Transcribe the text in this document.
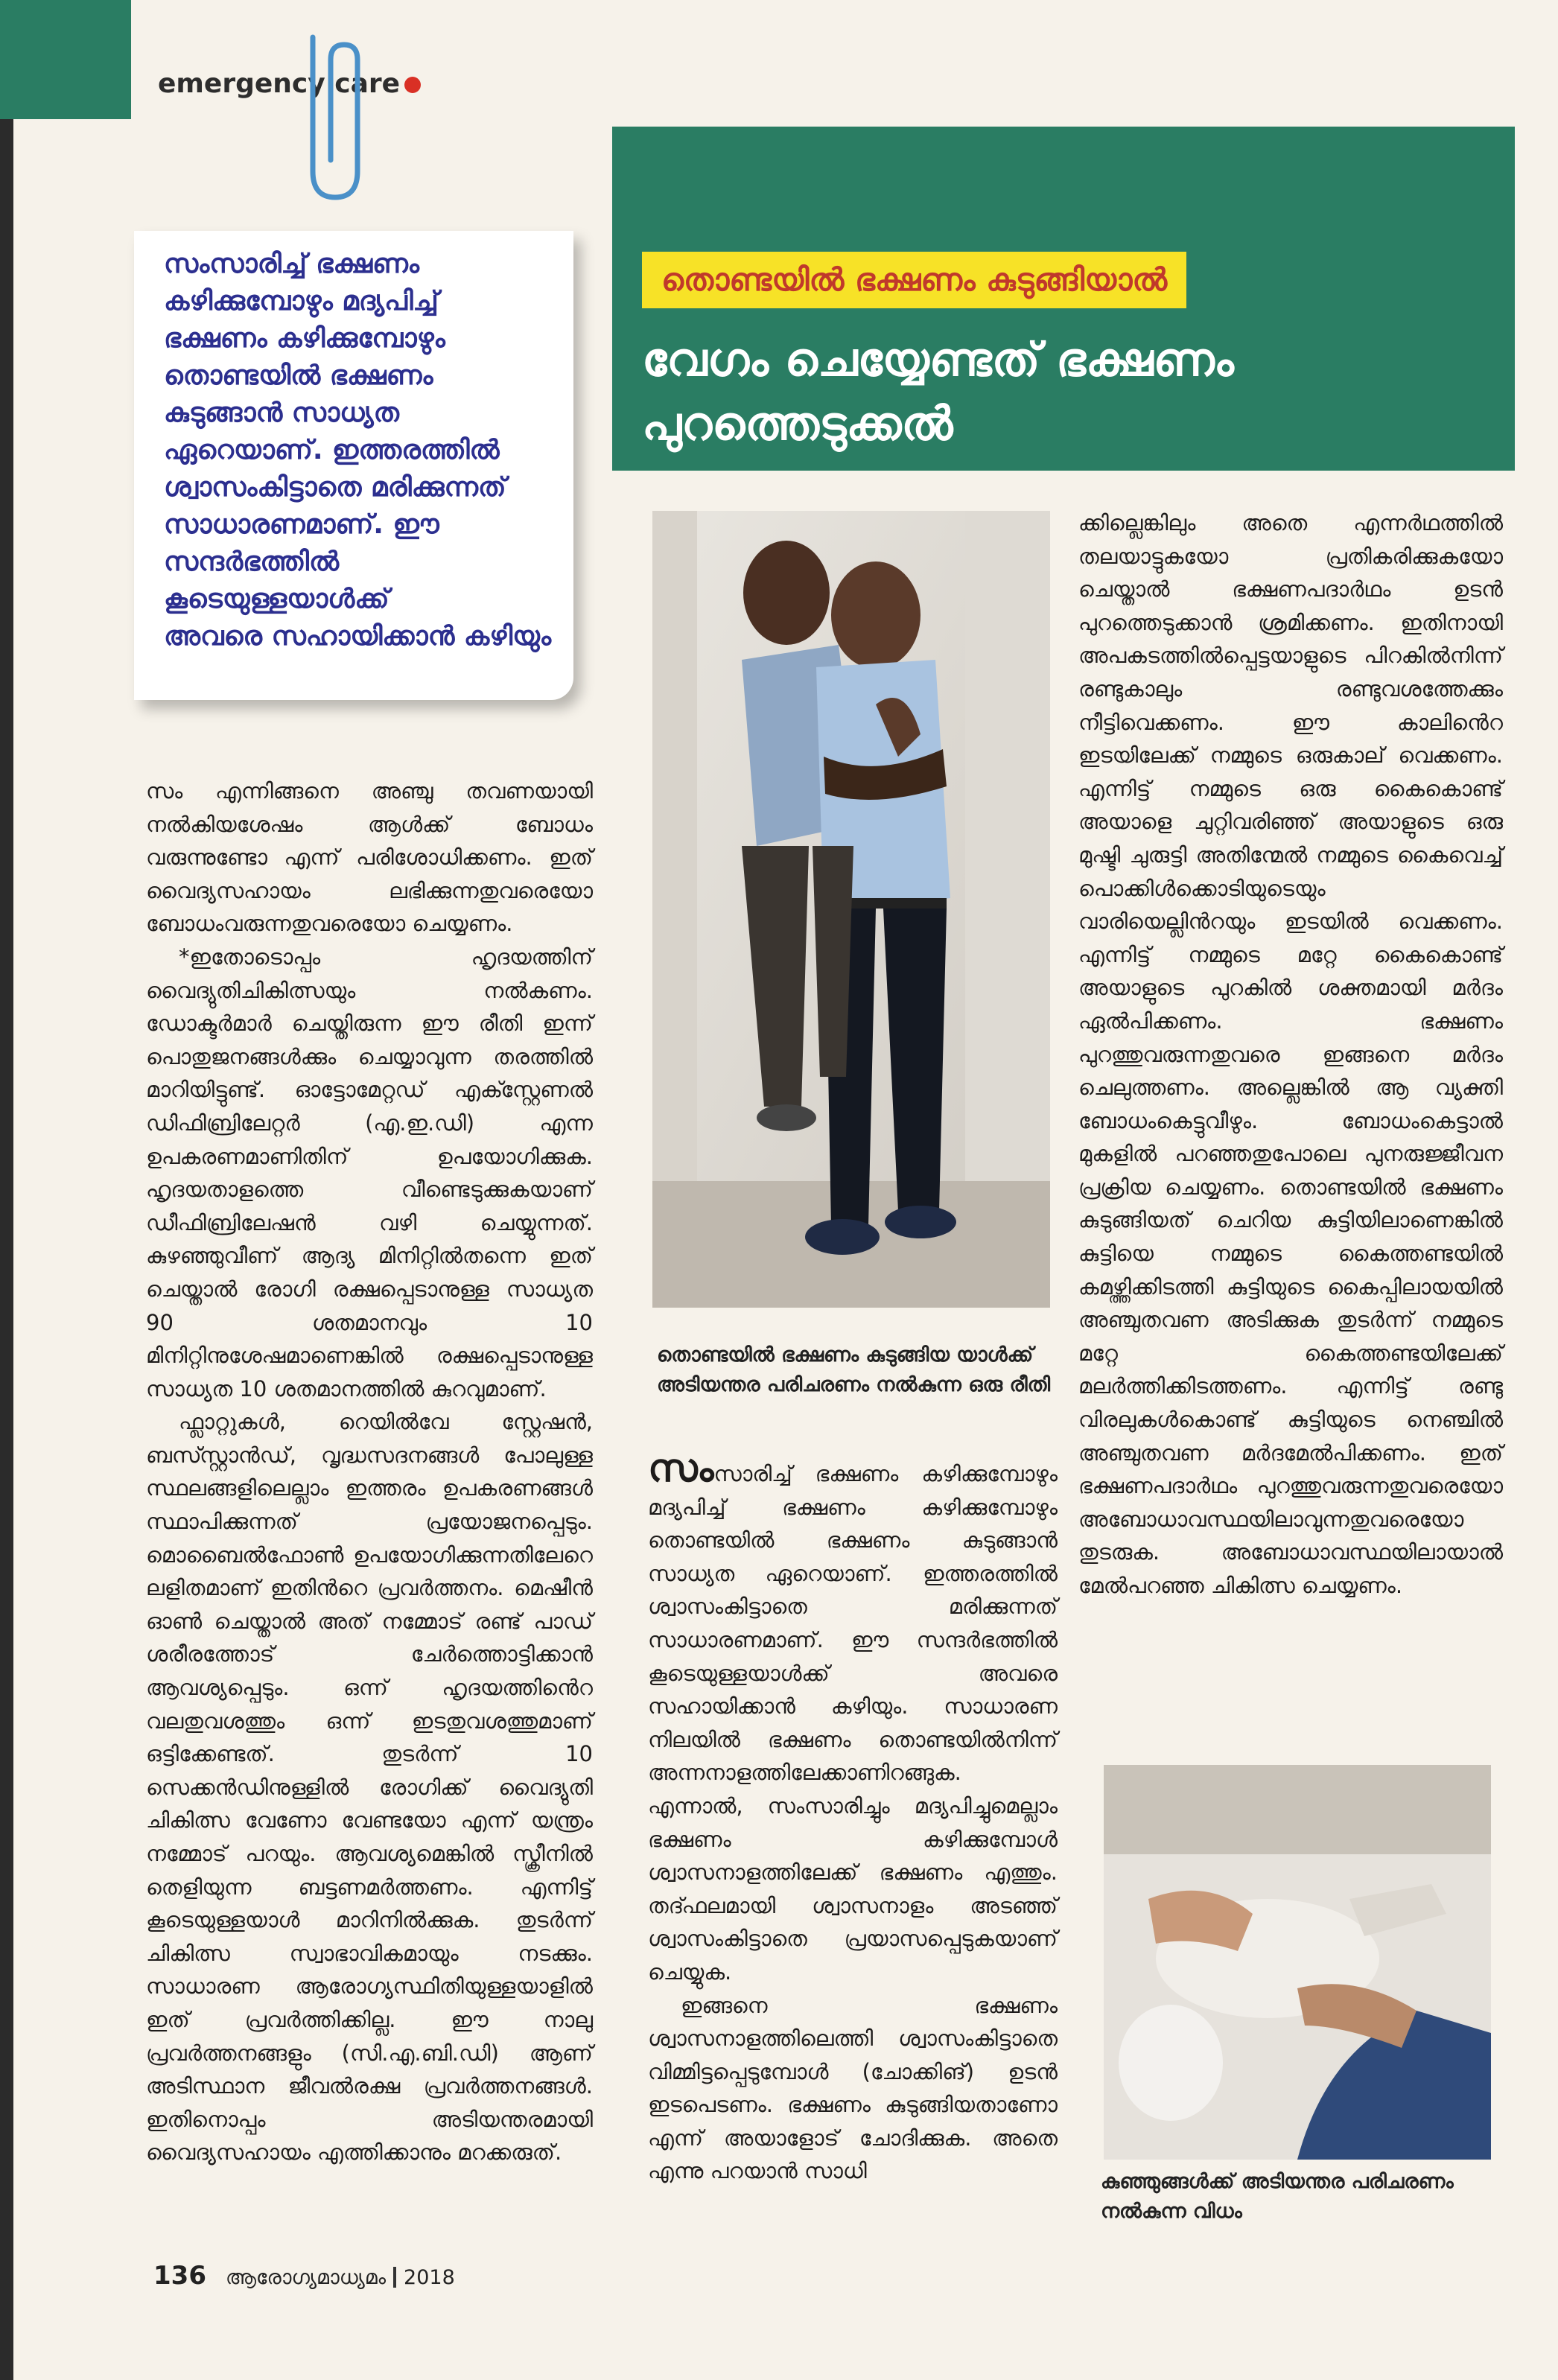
emergency care
സംസാരിച്ച് ഭക്ഷണം
കഴിക്കുമ്പോഴും മദ്യപിച്ച്
ഭക്ഷണം കഴിക്കുമ്പോഴും
തൊണ്ടയിൽ ഭക്ഷണം
കുടുങ്ങാൻ സാധ്യത
ഏറെയാണ്. ഇത്തരത്തിൽ
ശ്വാസംകിട്ടാതെ മരിക്കുന്നത്
സാധാരണമാണ്. ഈ
സന്ദർഭത്തിൽ
കൂടെയുള്ളയാൾക്ക്
അവരെ സഹായിക്കാൻ കഴിയും
തൊണ്ടയിൽ ഭക്ഷണം കുടുങ്ങിയാൽ
വേഗം ചെയ്യേണ്ടത് ഭക്ഷണം
പുറത്തെടുക്കൽ

സം എന്നിങ്ങനെ അഞ്ചു തവണയായി നൽകിയശേഷം ആൾക്ക് ബോധം വരുന്നുണ്ടോ എന്ന് പരിശോധിക്കണം. ഇത് വൈദ്യസഹായം ലഭിക്കുന്നതുവരെയോ ബോധംവരുന്നതുവരെയോ ചെയ്യണം.

*ഇതോടൊപ്പം ഹൃദയത്തിന് വൈദ്യുതിചികിത്സയും നൽകണം. ഡോക്ടർമാർ ചെയ്തിരുന്ന ഈ രീതി ഇന്ന് പൊതുജനങ്ങൾക്കും ചെയ്യാവുന്ന തരത്തിൽ മാറിയിട്ടുണ്ട്. ഓട്ടോമേറ്റഡ് എക്സ്റ്റേണൽ ഡിഫിബ്രിലേറ്റർ (എ.ഇ.ഡി) എന്ന ഉപകരണമാണിതിന് ഉപയോഗിക്കുക. ഹൃദയതാളത്തെ വീണ്ടെടുക്കുകയാണ് ഡീഫിബ്രിലേഷൻ വഴി ചെയ്യുന്നത്. കുഴഞ്ഞുവീണ് ആദ്യ മിനിറ്റിൽതന്നെ ഇത് ചെയ്താൽ രോഗി രക്ഷപ്പെടാനുള്ള സാധ്യത 90 ശതമാനവും 10 മിനിറ്റിനുശേഷമാണെങ്കിൽ രക്ഷപ്പെടാനുള്ള സാധ്യത 10 ശതമാനത്തിൽ കുറവുമാണ്.

ഫ്ലാറ്റുകൾ, റെയിൽവേ സ്റ്റേഷൻ, ബസ്സ്റ്റാൻഡ്, വൃദ്ധസദനങ്ങൾ പോലുള്ള സ്ഥലങ്ങളിലെല്ലാം ഇത്തരം ഉപകരണങ്ങൾ സ്ഥാപിക്കുന്നത് പ്രയോജനപ്പെടും. മൊബൈൽഫോൺ ഉപയോഗിക്കുന്നതിലേറെ ലളിതമാണ് ഇതിൻറെ പ്രവർത്തനം. മെഷീൻ ഓൺ ചെയ്താൽ അത് നമ്മോട് രണ്ട് പാഡ് ശരീരത്തോട് ചേർത്തൊട്ടിക്കാൻ ആവശ്യപ്പെടും. ഒന്ന് ഹൃദയത്തിൻെറ വലതുവശത്തും ഒന്ന് ഇടതുവശത്തുമാണ് ഒട്ടിക്കേണ്ടത്. തുടർന്ന് 10 സെക്കൻഡിനുള്ളിൽ രോഗിക്ക് വൈദ്യുതി ചികിത്സ വേണോ വേണ്ടയോ എന്ന് യന്ത്രം നമ്മോട് പറയും. ആവശ്യമെങ്കിൽ സ്ക്രീനിൽ തെളിയുന്ന ബട്ടണമർത്തണം. എന്നിട്ട് കൂടെയുള്ളയാൾ മാറിനിൽക്കുക. തുടർന്ന് ചികിത്സ സ്വാഭാവികമായും നടക്കും. സാധാരണ ആരോഗ്യസ്ഥിതിയുള്ളയാളിൽ ഇത് പ്രവർത്തിക്കില്ല. ഈ നാലു പ്രവർത്തനങ്ങളും (സി.എ.ബി.ഡി) ആണ് അടിസ്ഥാന ജീവൽരക്ഷ പ്രവർത്തനങ്ങൾ. ഇതിനൊപ്പം അടിയന്തരമായി വൈദ്യസഹായം എത്തിക്കാനും മറക്കരുത്.

തൊണ്ടയിൽ ഭക്ഷണം കുടുങ്ങിയ യാൾക്ക് അടിയന്തര പരിചരണം നൽകുന്ന ഒരു രീതി

സംസാരിച്ച് ഭക്ഷണം കഴിക്കുമ്പോഴും മദ്യപിച്ച് ഭക്ഷണം കഴിക്കുമ്പോഴും തൊണ്ടയിൽ ഭക്ഷണം കുടുങ്ങാൻ സാധ്യത ഏറെയാണ്. ഇത്തരത്തിൽ ശ്വാസംകിട്ടാതെ മരിക്കുന്നത് സാധാരണമാണ്. ഈ സന്ദർഭത്തിൽ കൂടെയുള്ളയാൾക്ക് അവരെ സഹായിക്കാൻ കഴിയും. സാധാരണ നിലയിൽ ഭക്ഷണം തൊണ്ടയിൽനിന്ന് അന്നനാളത്തിലേക്കാണിറങ്ങുക. എന്നാൽ, സംസാരിച്ചും മദ്യപിച്ചുമെല്ലാം ഭക്ഷണം കഴിക്കുമ്പോൾ ശ്വാസനാളത്തിലേക്ക് ഭക്ഷണം എത്തും. തദ്ഫലമായി ശ്വാസനാളം അടഞ്ഞ് ശ്വാസംകിട്ടാതെ പ്രയാസപ്പെടുകയാണ് ചെയ്യുക.

ഇങ്ങനെ ഭക്ഷണം ശ്വാസനാളത്തിലെത്തി ശ്വാസംകിട്ടാതെ വിമ്മിട്ടപ്പെടുമ്പോൾ (ചോക്കിങ്) ഉടൻ ഇടപെടണം. ഭക്ഷണം കുടുങ്ങിയതാണോ എന്ന് അയാളോട് ചോദിക്കുക. അതെ എന്നു പറയാൻ സാധി

ക്കില്ലെങ്കിലും അതെ എന്നർഥത്തിൽ തലയാട്ടുകയോ പ്രതികരിക്കുകയോ ചെയ്താൽ ഭക്ഷണപദാർഥം ഉടൻ പുറത്തെടുക്കാൻ ശ്രമിക്കണം. ഇതിനായി അപകടത്തിൽപ്പെട്ടയാളുടെ പിറകിൽനിന്ന് രണ്ടുകാലും രണ്ടുവശത്തേക്കും നീട്ടിവെക്കണം. ഈ കാലിൻെറ ഇടയിലേക്ക് നമ്മുടെ ഒരുകാല് വെക്കണം. എന്നിട്ട് നമ്മുടെ ഒരു കൈകൊണ്ട് അയാളെ ചുറ്റിവരിഞ്ഞ് അയാളുടെ ഒരു മുഷ്ടി ചുരുട്ടി അതിന്മേൽ നമ്മുടെ കൈവെച്ച് പൊക്കിൾക്കൊടിയുടെയും വാരിയെല്ലിൻറയും ഇടയിൽ വെക്കണം. എന്നിട്ട് നമ്മുടെ മറ്റേ കൈകൊണ്ട് അയാളുടെ പുറകിൽ ശക്തമായി മർദം ഏൽപിക്കണം. ഭക്ഷണം പുറത്തുവരുന്നതുവരെ ഇങ്ങനെ മർദം ചെലുത്തണം. അല്ലെങ്കിൽ ആ വ്യക്തി ബോധംകെട്ടുവീഴും. ബോധംകെട്ടാൽ മുകളിൽ പറഞ്ഞതുപോലെ പുനരുജ്ജീവന പ്രക്രിയ ചെയ്യണം. തൊണ്ടയിൽ ഭക്ഷണം കുടുങ്ങിയത് ചെറിയ കുട്ടിയിലാണെങ്കിൽ കുട്ടിയെ നമ്മുടെ കൈത്തണ്ടയിൽ കമഴ്ത്തിക്കിടത്തി കുട്ടിയുടെ കൈപ്പിലായയിൽ അഞ്ചുതവണ അടിക്കുക തുടർന്ന് നമ്മുടെ മറ്റേ കൈത്തണ്ടയിലേക്ക് മലർത്തിക്കിടത്തണം. എന്നിട്ട് രണ്ടു വിരലുകൾകൊണ്ട് കുട്ടിയുടെ നെഞ്ചിൽ അഞ്ചുതവണ മർദമേൽപിക്കണം. ഇത് ഭക്ഷണപദാർഥം പുറത്തുവരുന്നതുവരെയോ അബോധാവസ്ഥയിലാവുന്നതുവരെയോ തുടരുക. അബോധാവസ്ഥയിലായാൽ മേൽപറഞ്ഞ ചികിത്സ ചെയ്യണം.

കുഞ്ഞുങ്ങൾക്ക് അടിയന്തര പരിചരണം നൽകുന്ന വിധം
136 ആരോഗ്യമാധ്യമം 2018
